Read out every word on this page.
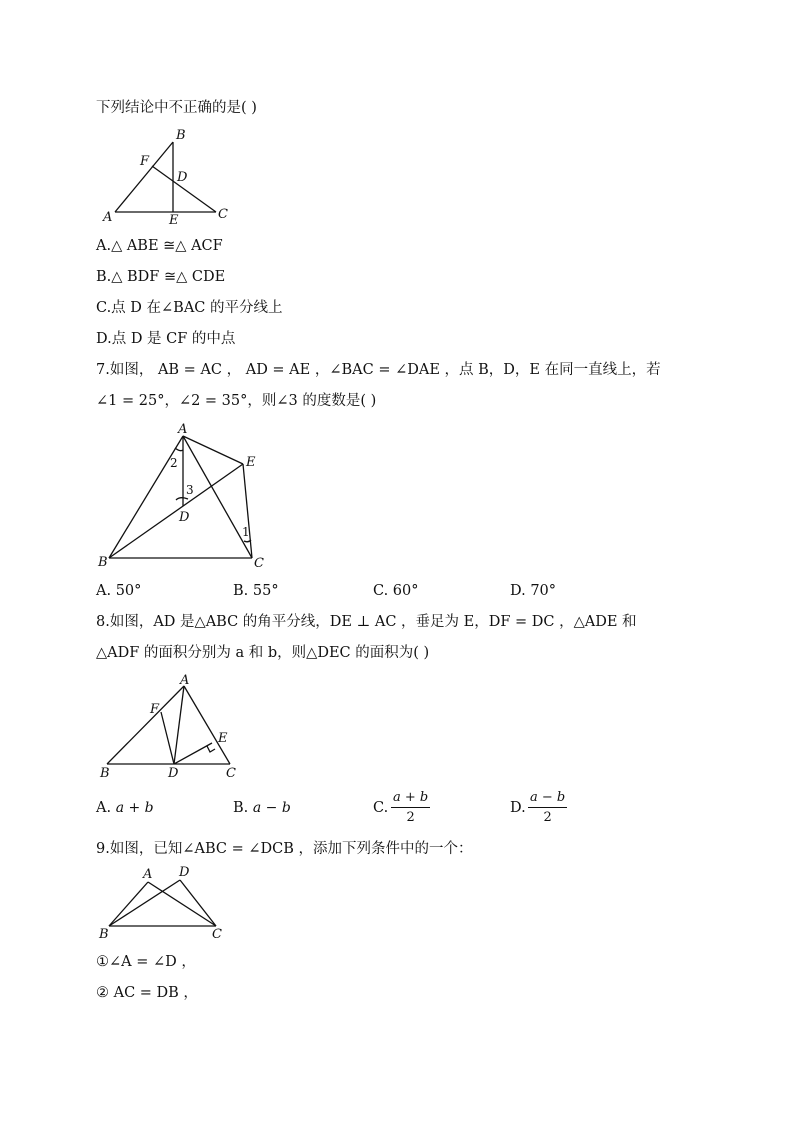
下列结论中不正确的是( )
B
F
D
A	E	C
A.△ ABE ≅△ ACF
B.△ BDF ≅△ CDE
C.点 D 在∠BAC 的平分线上
D.点 D 是 CF 的中点
7.如图， AB = AC ， AD = AE ，∠BAC = ∠DAE ，点 B，D，E 在同一直线上，若
∠1 = 25°，∠2 = 35°，则∠3 的度数是( )
A
E
D
B	C
2
3
1
A. 50°	B. 55°	C. 60°	D. 70°
8.如图，AD 是△ABC 的角平分线，DE ⊥ AC ，垂足为 E，DF = DC ，△ADE 和
△ADF 的面积分别为 a 和 b，则△DEC 的面积为( )
A
F
E
B	D	C
A. a + b	B. a − b	C. $\frac{a + b}{2}$	D. $\frac{a - b}{2}$
9.如图，已知∠ABC = ∠DCB ，添加下列条件中的一个：
A D
B	C
①∠A = ∠D ，
② AC = DB ，
